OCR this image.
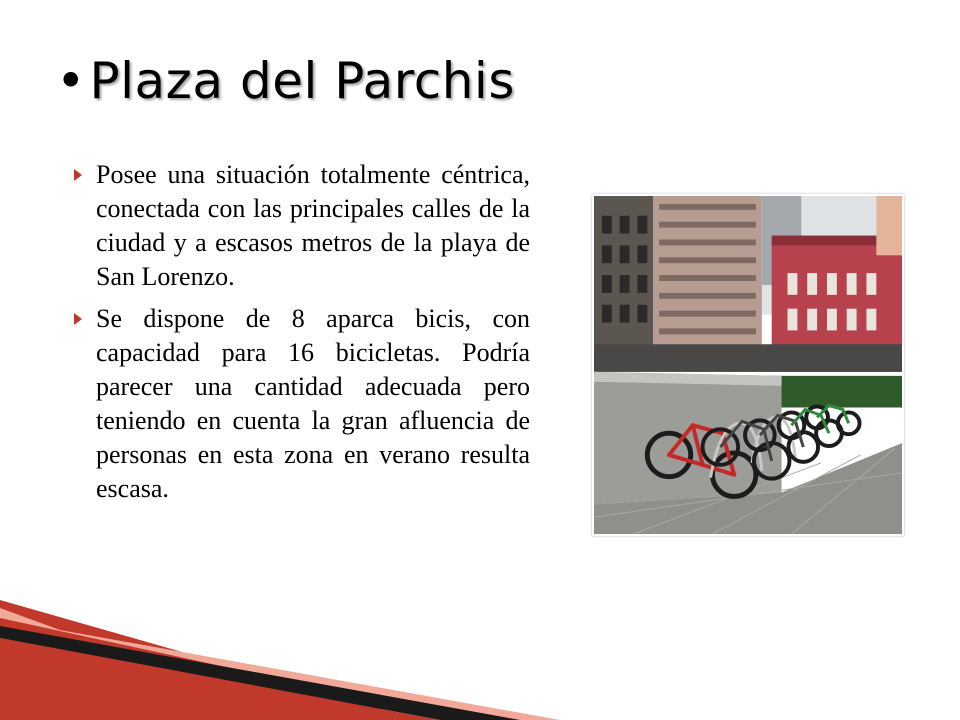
•Plaza del Parchis
Posee una situación totalmente céntrica, conectada con las principales calles de la ciudad y a escasos metros de la playa de San Lorenzo.
Se dispone de 8 aparca bicis, con capacidad para 16 bicicletas. Podría parecer una cantidad adecuada pero teniendo en cuenta la gran afluencia de personas en esta zona en verano resulta escasa.
